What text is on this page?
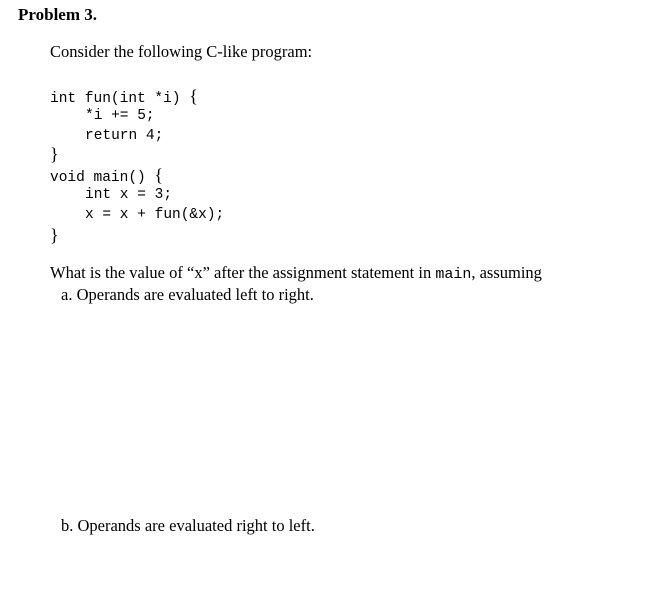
Problem 3.
Consider the following C-like program:
int fun(int *i) {
*i += 5;
return 4;
}
void main() {
int x = 3;
x = x + fun(&x);
}
What is the value of “x” after the assignment statement in main, assuming
a. Operands are evaluated left to right.
b. Operands are evaluated right to left.
